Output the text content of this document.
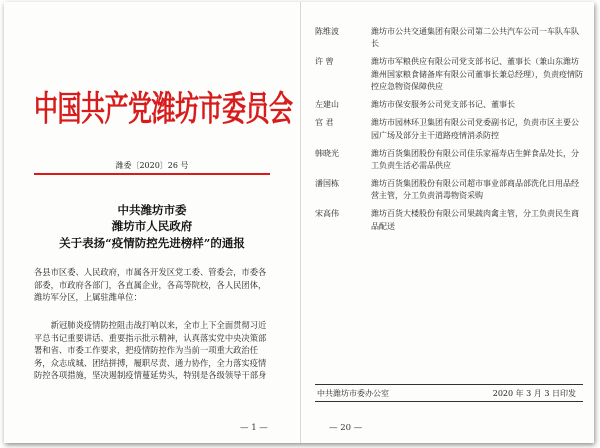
中国共产党潍坊市委员会
潍委〔2020〕26 号
中共潍坊市委
潍坊市人民政府
关于表扬“疫情防控先进榜样”的通报

各县市区委、人民政府，市属各开发区党工委、管委会，市委各部委，市政府各部门，各直属企业，各高等院校，各人民团体，潍坊军分区，上属驻潍单位：

新冠肺炎疫情防控阻击战打响以来，全市上下全面贯彻习近平总书记重要讲话、重要指示批示精神，认真落实党中央决策部署和省、市委工作要求，把疫情防控作为当前一项重大政治任务，众志成城、团结拼搏，履职尽责、通力协作，全力落实疫情防控各项措施，坚决遏制疫情蔓延势头，特别是各级领导干部身

— 1 —
陈维波	潍坊市公共交通集团有限公司第二公共汽车公司一车队车队长
许 曾	潍坊市军粮供应有限公司党支部书记、董事长（兼山东潍坊潍州国家粮食储备库有限公司董事长兼总经理），负责疫情防控应急物资保障供应
左建山	潍坊市保安服务公司党支部书记、董事长
官 君	潍坊市园林环卫集团有限公司党委副书记，负责市区主要公园广场及部分主干道路疫情消杀防控
韩晓光	潍坊百货集团股份有限公司佳乐家福寿店生鲜食品处长，分工负责生活必需品供应
潘国栋	潍坊百货集团股份有限公司超市事业部商品部洗化日用品经营主管，分工负责消毒物资采购
宋高伟	潍坊百货大楼股份有限公司果蔬肉禽主管，分工负责民生商品配送
中共潍坊市委办公室	2020 年 3 月 3 日印发
— 20 —
